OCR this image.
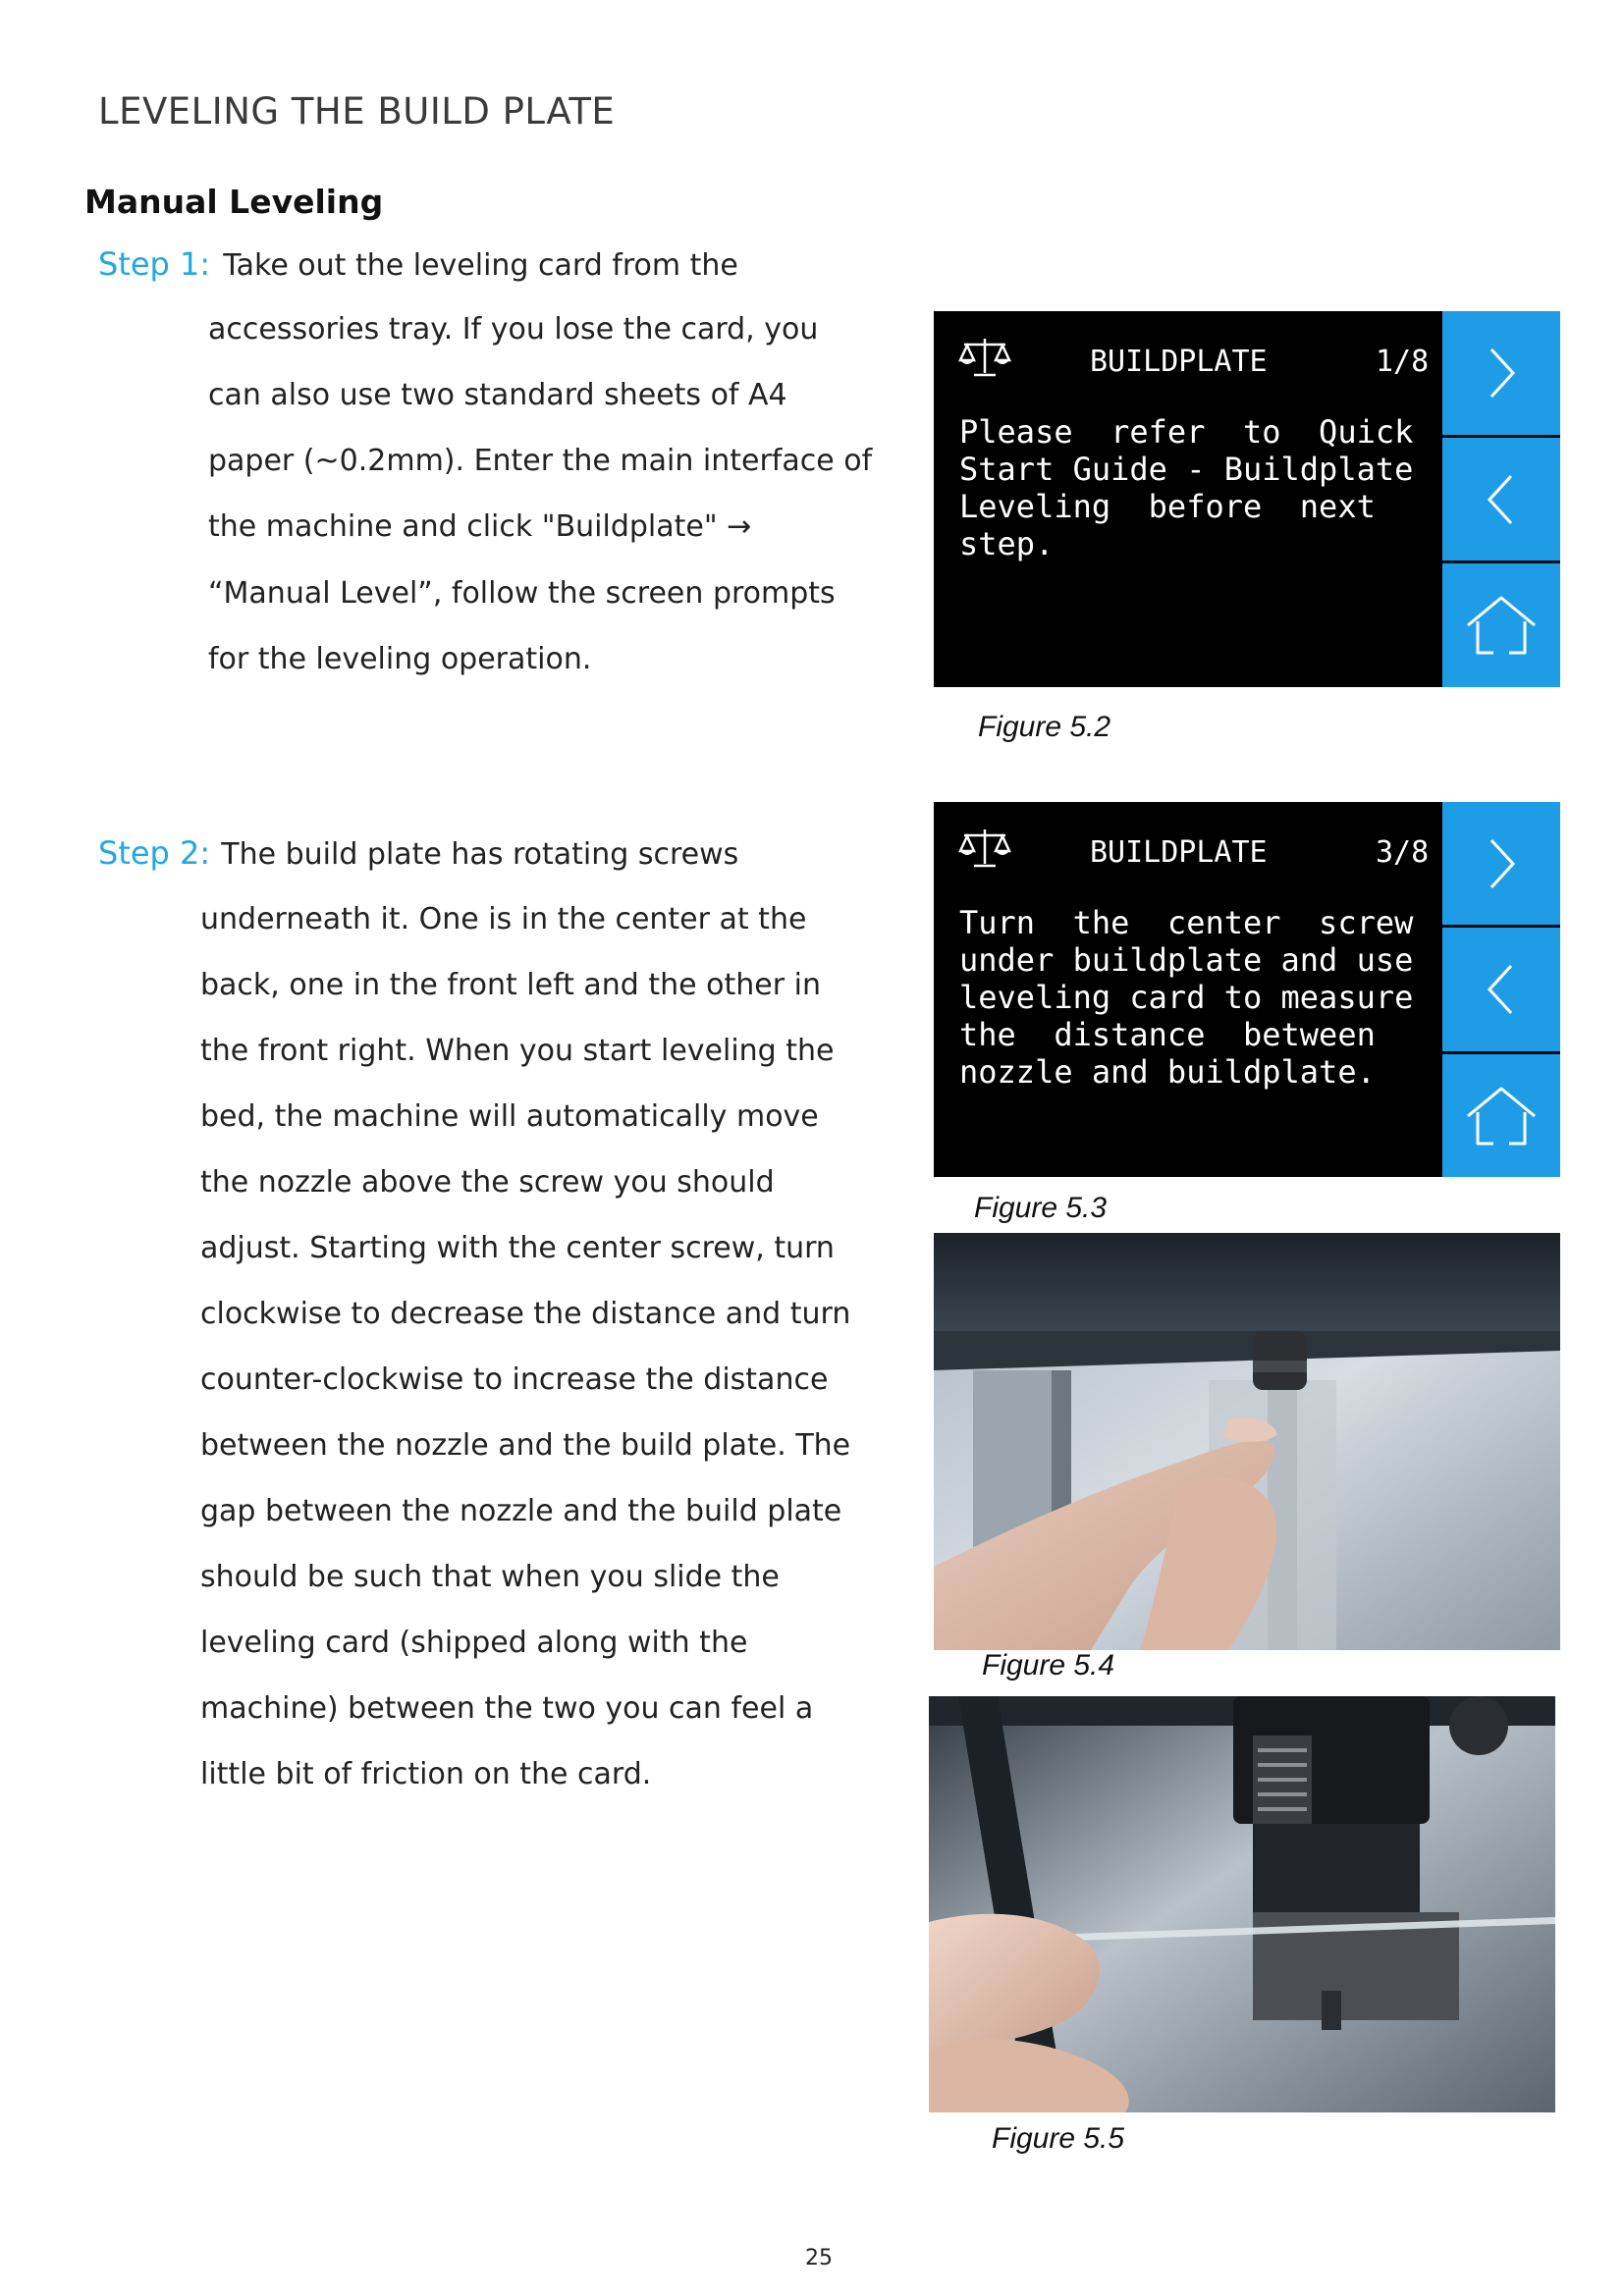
LEVELING THE BUILD PLATE
Manual Leveling
Step 1: Take out the leveling card from the
accessories tray. If you lose the card, you
can also use two standard sheets of A4
paper (~0.2mm). Enter the main interface of
the machine and click "Buildplate" →
“Manual Level”, follow the screen prompts
for the leveling operation.
Step 2: The build plate has rotating screws
underneath it. One is in the center at the
back, one in the front left and the other in
the front right. When you start leveling the
bed, the machine will automatically move
the nozzle above the screw you should
adjust. Starting with the center screw, turn
clockwise to decrease the distance and turn
counter-clockwise to increase the distance
between the nozzle and the build plate. The
gap between the nozzle and the build plate
should be such that when you slide the
leveling card (shipped along with the
machine) between the two you can feel a
little bit of friction on the card.
BUILDPLATE	1/8
Please  refer  to  Quick
Start Guide - Buildplate
Leveling  before  next
step.
Figure 5.2
BUILDPLATE	3/8
Turn  the  center  screw
under buildplate and use
leveling card to measure
the  distance  between
nozzle and buildplate.
Figure 5.3
Figure 5.4
Figure 5.5
25
